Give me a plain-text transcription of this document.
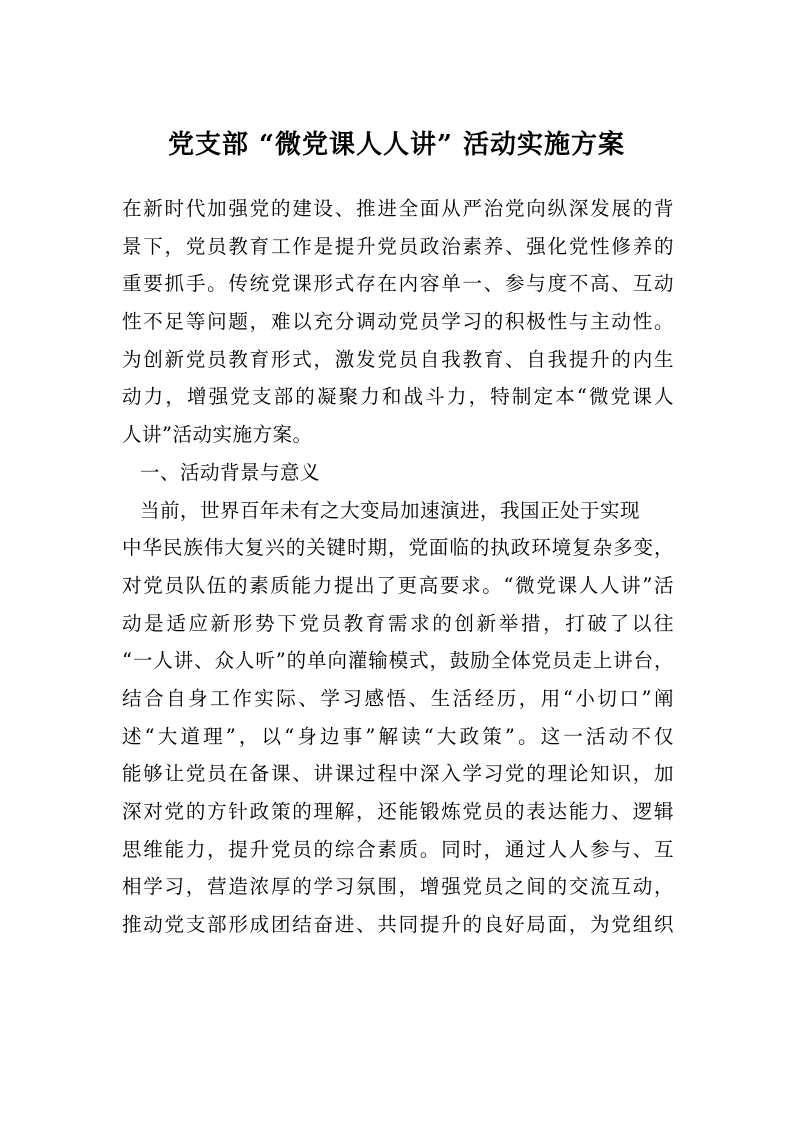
党支部 “微党课人人讲” 活动实施方案
在新时代加强党的建设、推进全面从严治党向纵深发展的背
景下，党员教育工作是提升党员政治素养、强化党性修养的
重要抓手。传统党课形式存在内容单一、参与度不高、互动
性不足等问题，难以充分调动党员学习的积极性与主动性。
为创新党员教育形式，激发党员自我教育、自我提升的内生
动力，增强党支部的凝聚力和战斗力，特制定本“微党课人
人讲”活动实施方案。
一、活动背景与意义
当前，世界百年未有之大变局加速演进，我国正处于实现
中华民族伟大复兴的关键时期，党面临的执政环境复杂多变，
对党员队伍的素质能力提出了更高要求。“微党课人人讲”活
动是适应新形势下党员教育需求的创新举措，打破了以往
“一人讲、众人听”的单向灌输模式，鼓励全体党员走上讲台，
结合自身工作实际、学习感悟、生活经历，用“小切口”阐
述“大道理”，以“身边事”解读“大政策”。这一活动不仅
能够让党员在备课、讲课过程中深入学习党的理论知识，加
深对党的方针政策的理解，还能锻炼党员的表达能力、逻辑
思维能力，提升党员的综合素质。同时，通过人人参与、互
相学习，营造浓厚的学习氛围，增强党员之间的交流互动，
推动党支部形成团结奋进、共同提升的良好局面，为党组织
